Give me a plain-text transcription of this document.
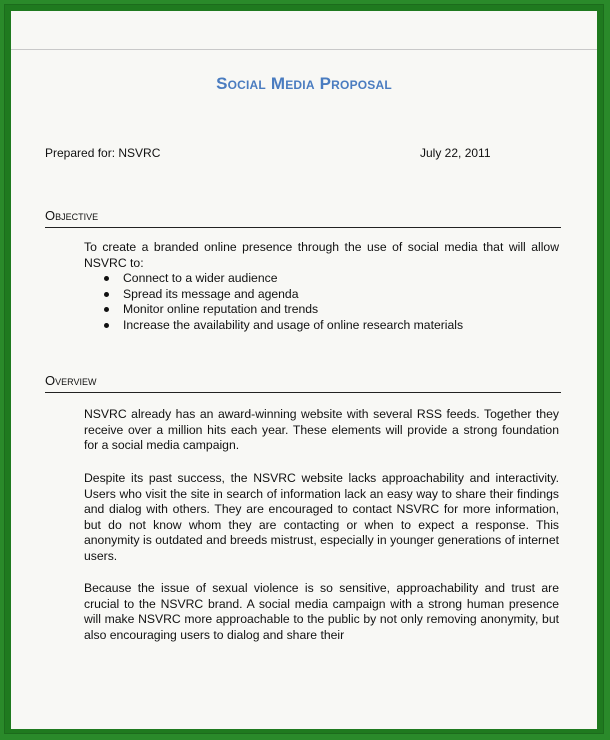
Social Media Proposal
Prepared for: NSVRC	July 22, 2011
Objective

To create a branded online presence through the use of social media that will allow NSVRC to:

Connect to a wider audience
Spread its message and agenda
Monitor online reputation and trends
Increase the availability and usage of online research materials
Overview
NSVRC already has an award-winning website with several RSS feeds. Together they receive over a million hits each year. These elements will provide a strong foundation for a social media campaign.
Despite its past success, the NSVRC website lacks approachability and interactivity. Users who visit the site in search of information lack an easy way to share their findings and dialog with others. They are encouraged to contact NSVRC for more information, but do not know whom they are contacting or when to expect a response. This anonymity is outdated and breeds mistrust, especially in younger generations of internet users.
Because the issue of sexual violence is so sensitive, approachability and trust are crucial to the NSVRC brand. A social media campaign with a strong human presence will make NSVRC more approachable to the public by not only removing anonymity, but also encouraging users to dialog and share their
